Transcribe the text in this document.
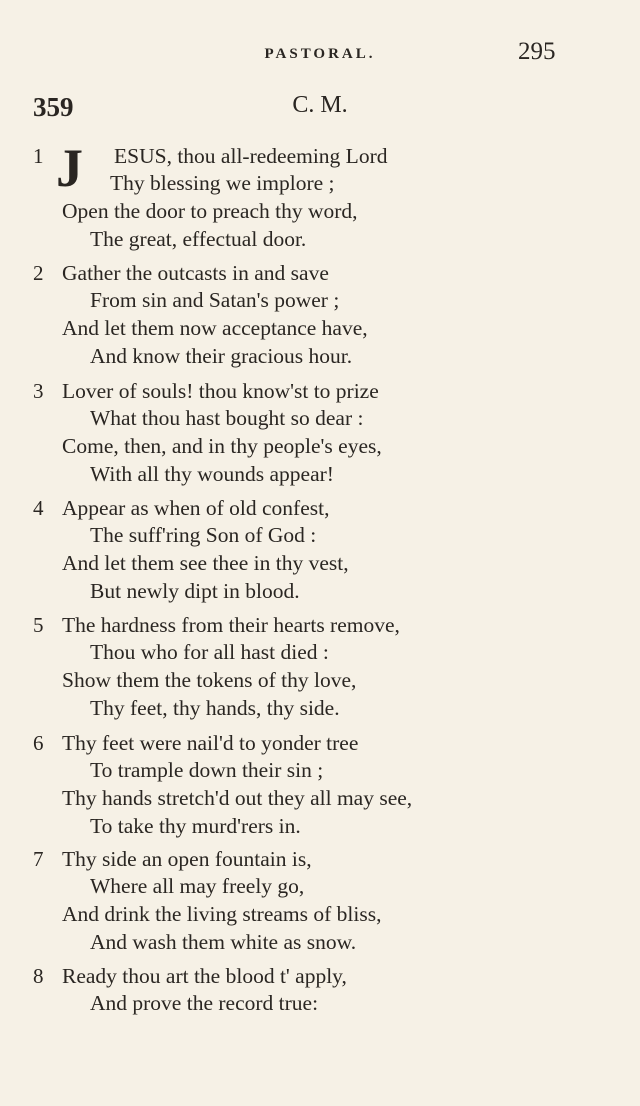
PASTORAL.	295
359	C. M.
J
1	ESUS, thou all-redeeming Lord
Thy blessing we implore ;
Open the door to preach thy word,
The great, effectual door.
2 Gather the outcasts in and save
From sin and Satan's power ;
And let them now acceptance have,
And know their gracious hour.
3 Lover of souls! thou know'st to prize
What thou hast bought so dear :
Come, then, and in thy people's eyes,
With all thy wounds appear!
4 Appear as when of old confest,
The suff'ring Son of God :
And let them see thee in thy vest,
But newly dipt in blood.
5 The hardness from their hearts remove,
Thou who for all hast died :
Show them the tokens of thy love,
Thy feet, thy hands, thy side.
6 Thy feet were nail'd to yonder tree
To trample down their sin ;
Thy hands stretch'd out they all may see,
To take thy murd'rers in.
7 Thy side an open fountain is,
Where all may freely go,
And drink the living streams of bliss,
And wash them white as snow.
8 Ready thou art the blood t' apply,
And prove the record true:
